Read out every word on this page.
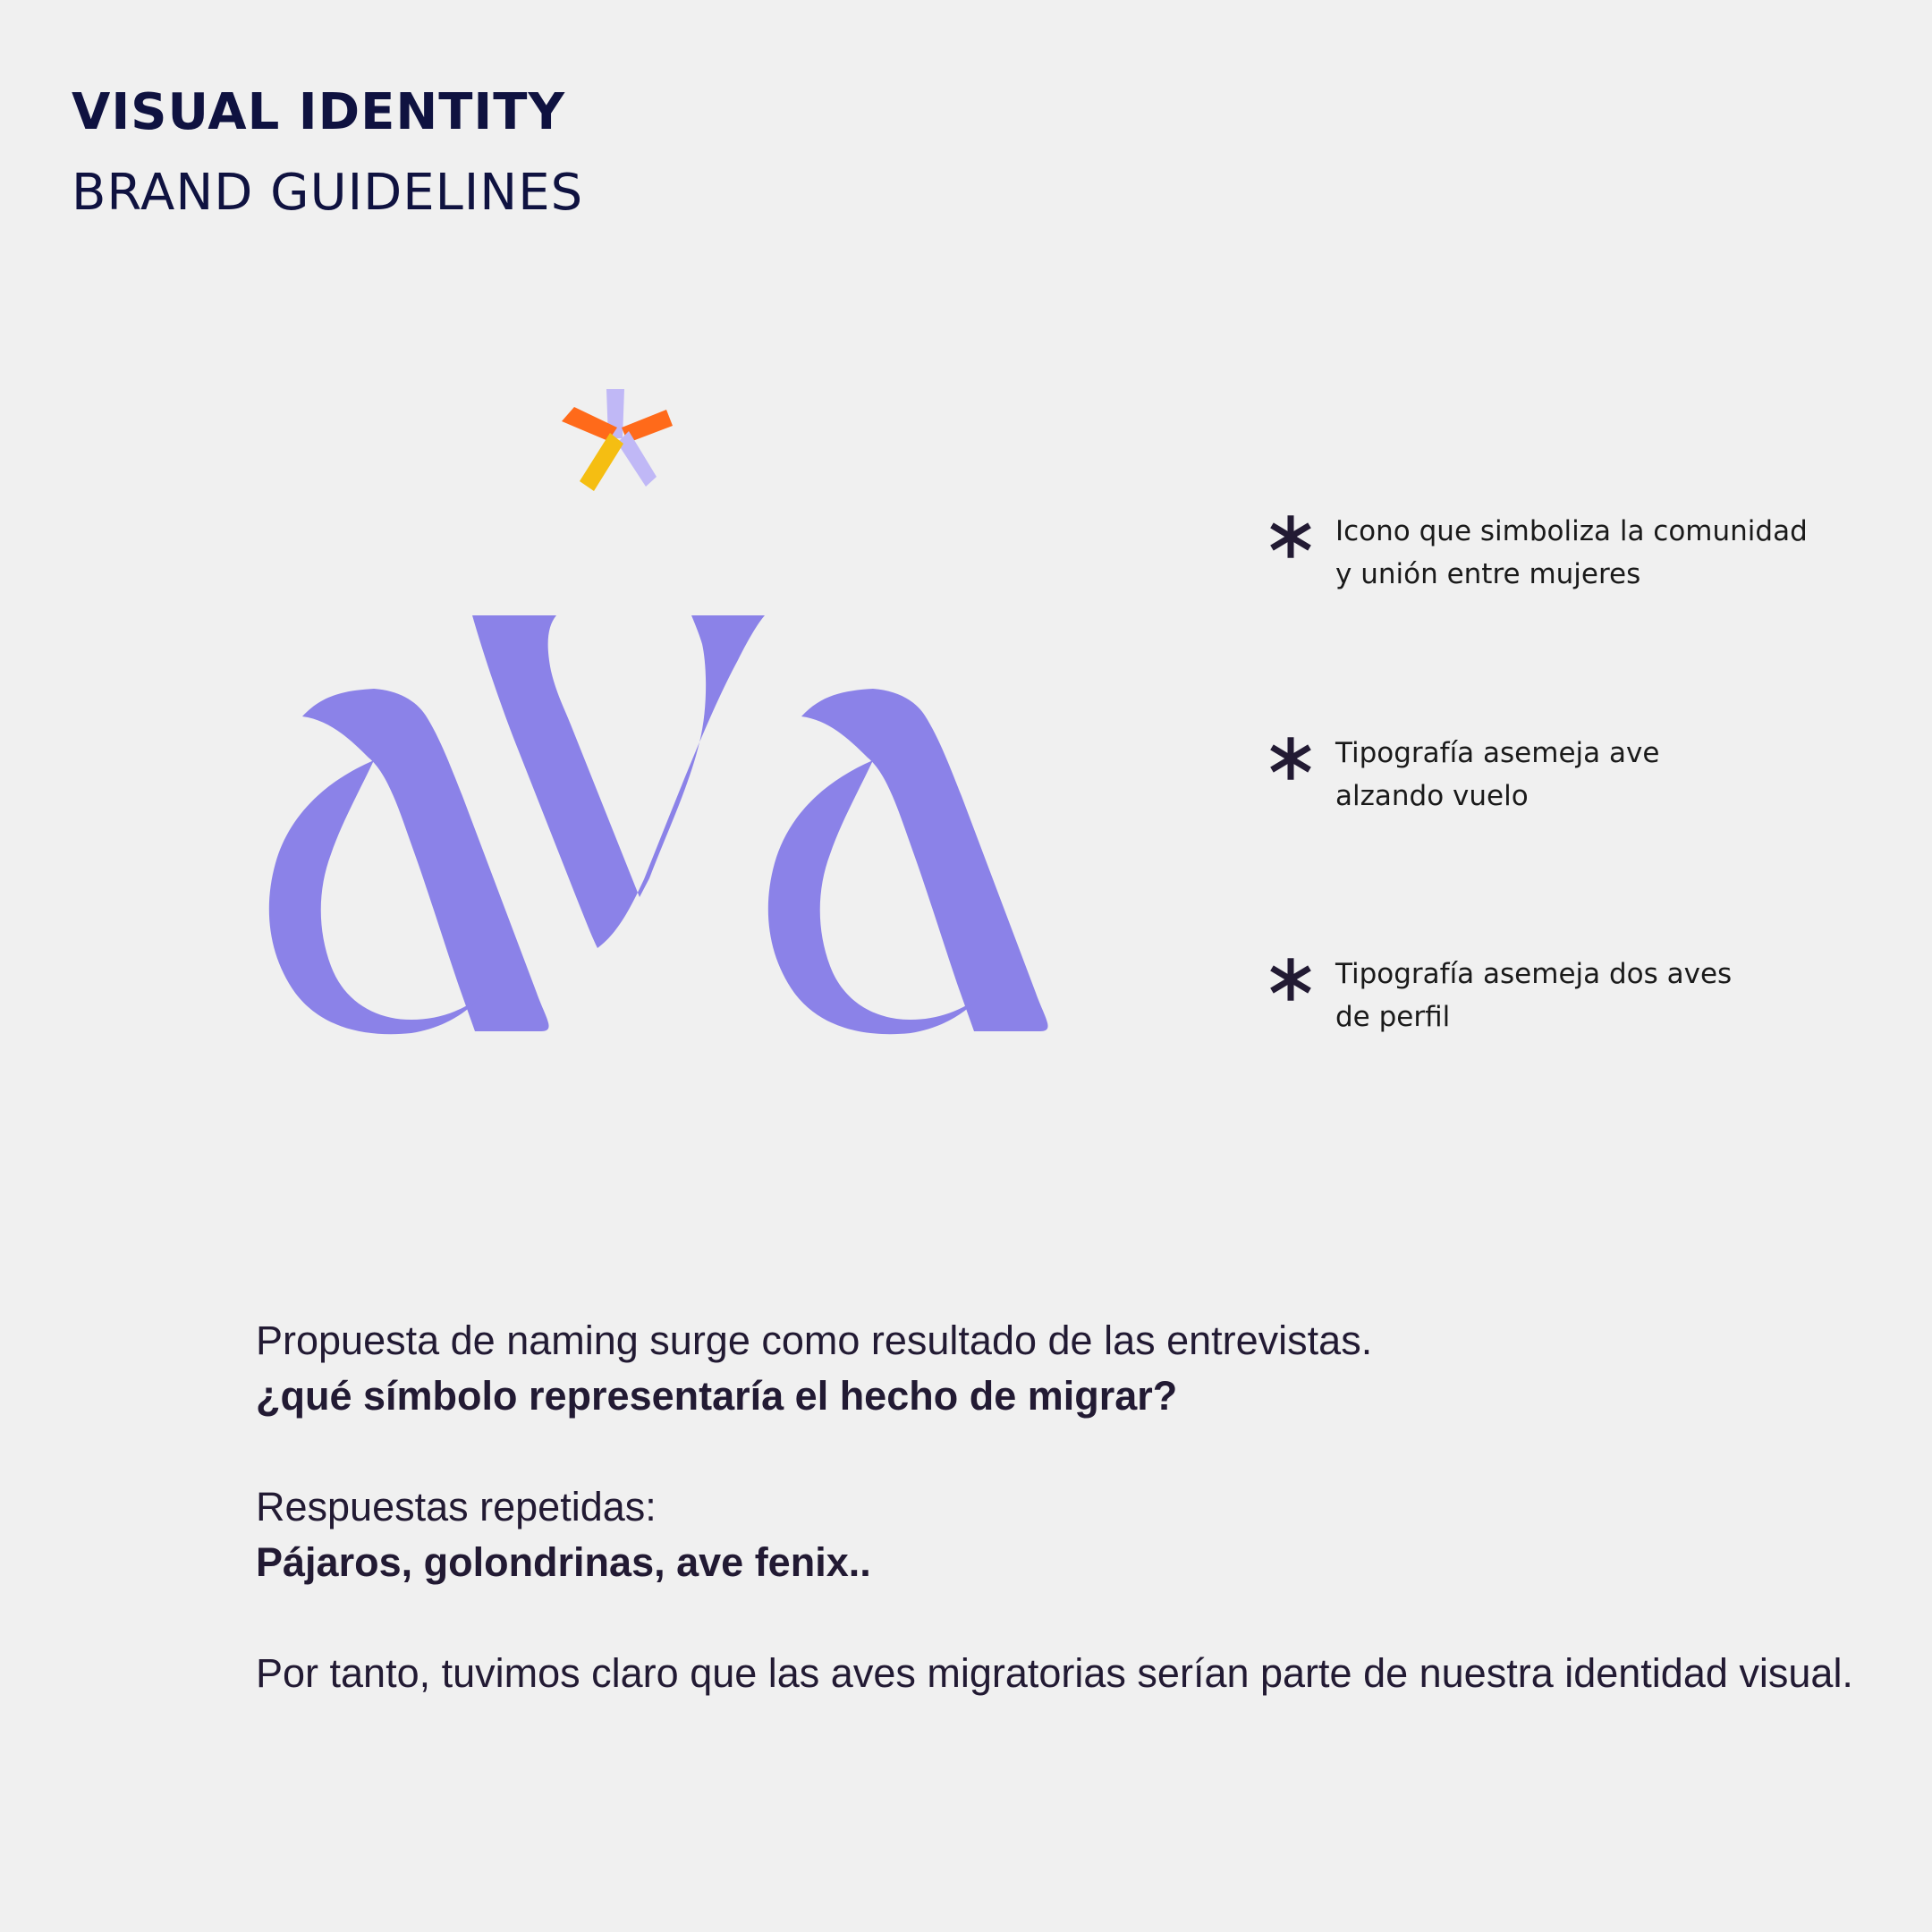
VISUAL IDENTITY
BRAND GUIDELINES
Icono que simboliza la comunidad
y unión entre mujeres
Tipografía asemeja ave
alzando vuelo
Tipografía asemeja dos aves
de perfil

Propuesta de naming surge como resultado de las entrevistas.

¿qué símbolo representaría el hecho de migrar?

Respuestas repetidas:

Pájaros, golondrinas, ave fenix..

Por tanto, tuvimos claro que las aves migratorias serían parte de nuestra identidad visual.
